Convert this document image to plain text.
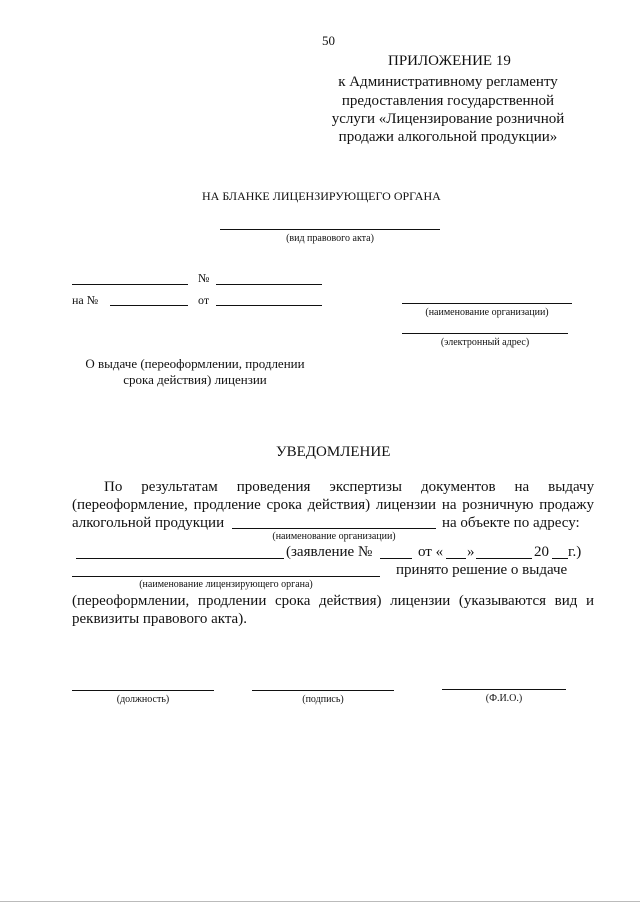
50
ПРИЛОЖЕНИЕ 19
к Административному регламенту
предоставления государственной
услуги «Лицензирование розничной
продажи алкогольной продукции»
НА БЛАНКЕ ЛИЦЕНЗИРУЮЩЕГО ОРГАНА
(вид правового акта)
№
на №	от
(наименование организации)
(электронный адрес)
О выдаче (переоформлении, продлении
срока действия) лицензии
УВЕДОМЛЕНИЕ
По результатам проведения экспертизы документов на выдачу
(переоформление, продление срока действия) лицензии на розничную продажу
алкогольной продукции	на объекте по адресу:
(наименование организации)
(заявление №	от « »	20 г.)
принято решение о выдаче
(наименование лицензирующего органа)
(переоформлении, продлении срока действия) лицензии (указываются вид и
реквизиты правового акта).
(должность)	(подпись)	(Ф.И.О.)
